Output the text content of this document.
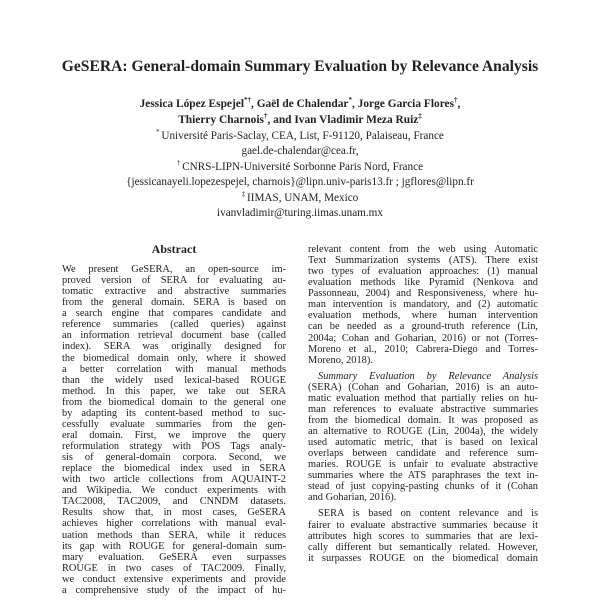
GeSERA: General-domain Summary Evaluation by Relevance Analysis
Jessica López Espejel*†, Gaël de Chalendar*, Jorge Garcia Flores†,
Thierry Charnois†, and Ivan Vladimir Meza Ruiz‡
* Université Paris-Saclay, CEA, List, F-91120, Palaiseau, France
gael.de-chalendar@cea.fr,
† CNRS-LIPN-Université Sorbonne Paris Nord, France
{jessicanayeli.lopezespejel, charnois}@lipn.univ-paris13.fr ; jgflores@lipn.fr
‡ IIMAS, UNAM, Mexico
ivanvladimir@turing.iimas.unam.mx
Abstract
We present GeSERA, an open-source im-
proved version of SERA for evaluating au-
tomatic extractive and abstractive summaries
from the general domain. SERA is based on
a search engine that compares candidate and
reference summaries (called queries) against
an information retrieval document base (called
index). SERA was originally designed for
the biomedical domain only, where it showed
a better correlation with manual methods
than the widely used lexical-based ROUGE
method. In this paper, we take out SERA
from the biomedical domain to the general one
by adapting its content-based method to suc-
cessfully evaluate summaries from the gen-
eral domain. First, we improve the query
reformulation strategy with POS Tags analy-
sis of general-domain corpora. Second, we
replace the biomedical index used in SERA
with two article collections from AQUAINT-2
and Wikipedia. We conduct experiments with
TAC2008, TAC2009, and CNNDM datasets.
Results show that, in most cases, GeSERA
achieves higher correlations with manual eval-
uation methods than SERA, while it reduces
its gap with ROUGE for general-domain sum-
mary evaluation. GeSERA even surpasses
ROUGE in two cases of TAC2009. Finally,
we conduct extensive experiments and provide
a comprehensive study of the impact of hu-
relevant content from the web using Automatic
Text Summarization systems (ATS). There exist
two types of evaluation approaches: (1) manual
evaluation methods like Pyramid (Nenkova and
Passonneau, 2004) and Responsiveness, where hu-
man intervention is mandatory, and (2) automatic
evaluation methods, where human intervention
can be needed as a ground-truth reference (Lin,
2004a; Cohan and Goharian, 2016) or not (Torres-
Moreno et al., 2010; Cabrera-Diego and Torres-
Moreno, 2018).
Summary Evaluation by Relevance Analysis
(SERA) (Cohan and Goharian, 2016) is an auto-
matic evaluation method that partially relies on hu-
man references to evaluate abstractive summaries
from the biomedical domain. It was proposed as
an alternative to ROUGE (Lin, 2004a), the widely
used automatic metric, that is based on lexical
overlaps between candidate and reference sum-
maries. ROUGE is unfair to evaluate abstractive
summaries where the ATS paraphrases the text in-
stead of just copying-pasting chunks of it (Cohan
and Goharian, 2016).
SERA is based on content relevance and is
fairer to evaluate abstractive summaries because it
attributes high scores to summaries that are lexi-
cally different but semantically related. However,
it surpasses ROUGE on the biomedical domain
